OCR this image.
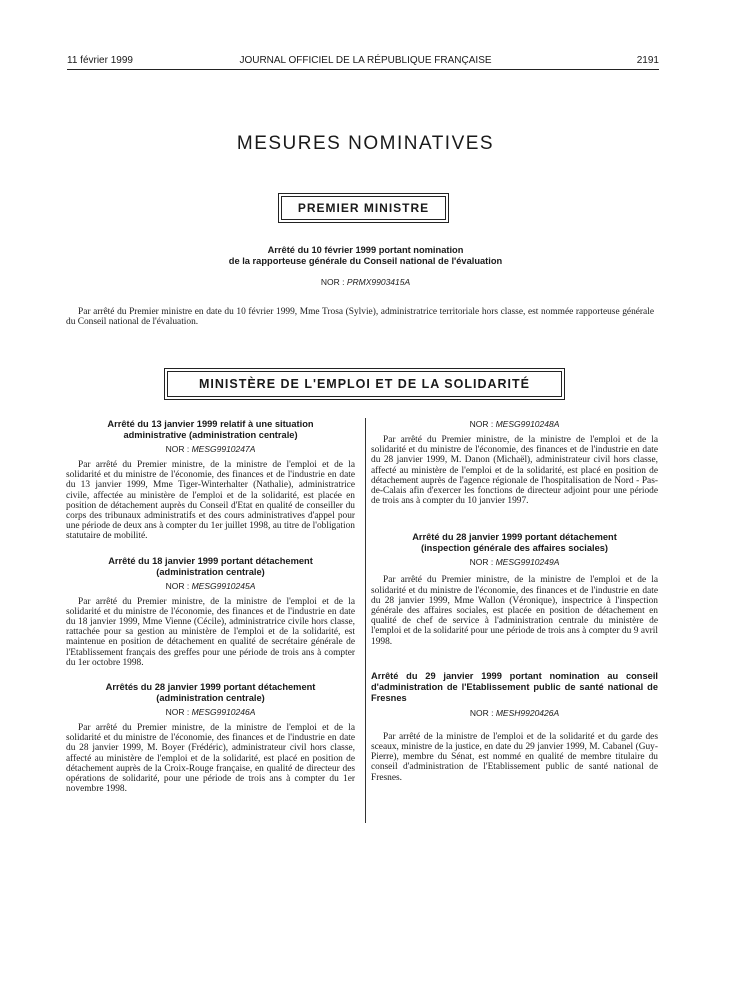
11 février 1999	JOURNAL OFFICIEL DE LA RÉPUBLIQUE FRANÇAISE	2191
MESURES NOMINATIVES
PREMIER MINISTRE
Arrêté du 10 février 1999 portant nomination
de la rapporteuse générale du Conseil national de l'évaluation
NOR : PRMX9903415A
Par arrêté du Premier ministre en date du 10 février 1999, Mme Trosa (Sylvie), administratrice territoriale hors classe, est nommée rapporteuse générale du Conseil national de l'évaluation.
MINISTÈRE DE L'EMPLOI ET DE LA SOLIDARITÉ
Arrêté du 13 janvier 1999 relatif à une situation administrative (administration centrale)
NOR : MESG9910247A
Par arrêté du Premier ministre, de la ministre de l'emploi et de la solidarité et du ministre de l'économie, des finances et de l'industrie en date du 13 janvier 1999, Mme Tiger-Winterhalter (Nathalie), administratrice civile, affectée au ministère de l'emploi et de la solidarité, est placée en position de détachement auprès du Conseil d'Etat en qualité de conseiller du corps des tribunaux administratifs et des cours administratives d'appel pour une période de deux ans à compter du 1er juillet 1998, au titre de l'obligation statutaire de mobilité.
Arrêté du 18 janvier 1999 portant détachement (administration centrale)
NOR : MESG9910245A
Par arrêté du Premier ministre, de la ministre de l'emploi et de la solidarité et du ministre de l'économie, des finances et de l'industrie en date du 18 janvier 1999, Mme Vienne (Cécile), administratrice civile hors classe, rattachée pour sa gestion au ministère de l'emploi et de la solidarité, est maintenue en position de détachement en qualité de secrétaire générale de l'Etablissement français des greffes pour une période de trois ans à compter du 1er octobre 1998.
Arrêtés du 28 janvier 1999 portant détachement (administration centrale)
NOR : MESG9910246A
Par arrêté du Premier ministre, de la ministre de l'emploi et de la solidarité et du ministre de l'économie, des finances et de l'industrie en date du 28 janvier 1999, M. Boyer (Frédéric), administrateur civil hors classe, affecté au ministère de l'emploi et de la solidarité, est placé en position de détachement auprès de la Croix-Rouge française, en qualité de directeur des opérations de solidarité, pour une période de trois ans à compter du 1er novembre 1998.
NOR : MESG9910248A
Par arrêté du Premier ministre, de la ministre de l'emploi et de la solidarité et du ministre de l'économie, des finances et de l'industrie en date du 28 janvier 1999, M. Danon (Michaël), administrateur civil hors classe, affecté au ministère de l'emploi et de la solidarité, est placé en position de détachement auprès de l'agence régionale de l'hospitalisation de Nord - Pas-de-Calais afin d'exercer les fonctions de directeur adjoint pour une période de trois ans à compter du 10 janvier 1997.
Arrêté du 28 janvier 1999 portant détachement (inspection générale des affaires sociales)
NOR : MESG9910249A
Par arrêté du Premier ministre, de la ministre de l'emploi et de la solidarité et du ministre de l'économie, des finances et de l'industrie en date du 28 janvier 1999, Mme Wallon (Véronique), inspectrice à l'inspection générale des affaires sociales, est placée en position de détachement en qualité de chef de service à l'administration centrale du ministère de l'emploi et de la solidarité pour une période de trois ans à compter du 9 avril 1998.
Arrêté du 29 janvier 1999 portant nomination au conseil d'administration de l'Etablissement public de santé national de Fresnes
NOR : MESH9920426A
Par arrêté de la ministre de l'emploi et de la solidarité et du garde des sceaux, ministre de la justice, en date du 29 janvier 1999, M. Cabanel (Guy-Pierre), membre du Sénat, est nommé en qualité de membre titulaire du conseil d'administration de l'Etablissement public de santé national de Fresnes.
